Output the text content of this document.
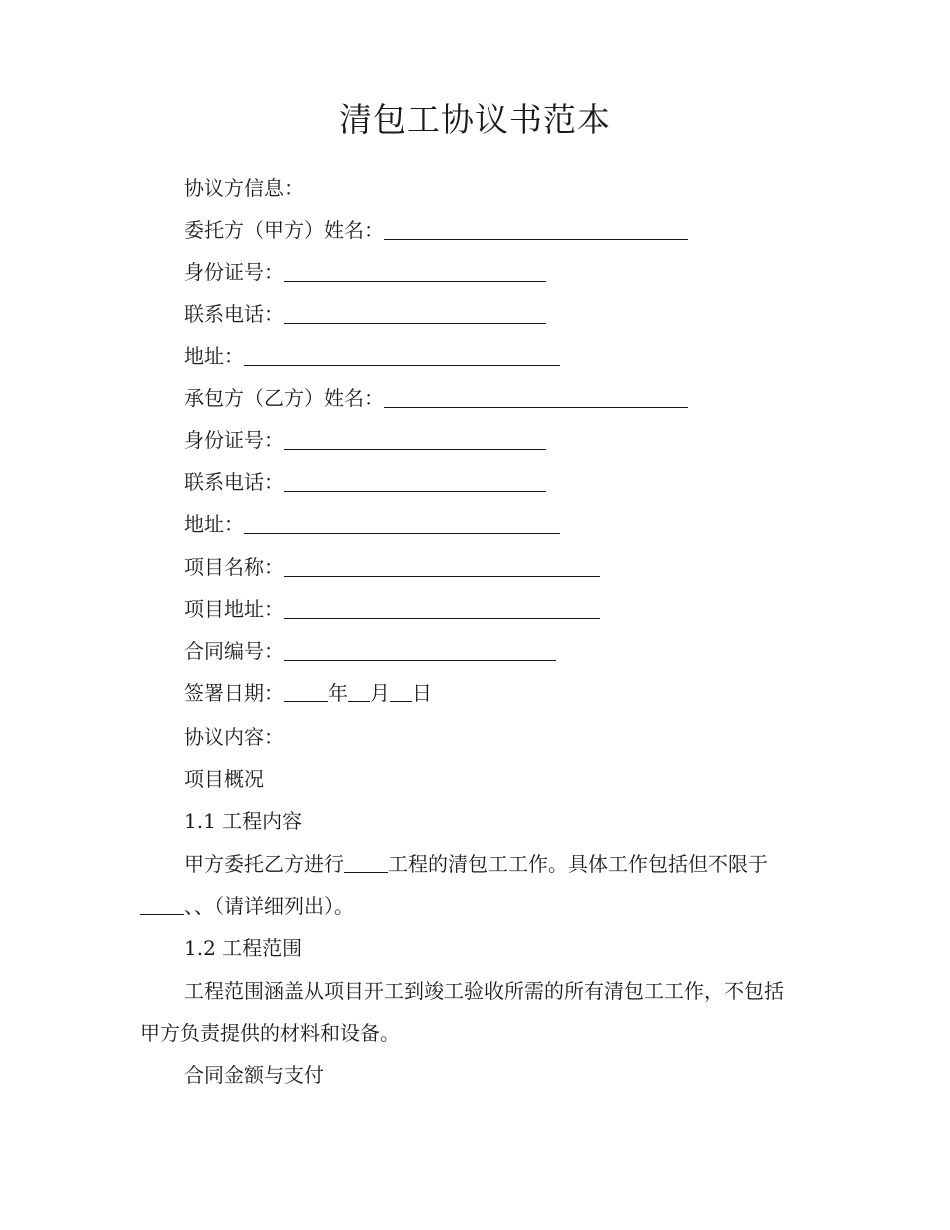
清包工协议书范本
协议方信息：
委托方（甲方）姓名：
身份证号：
联系电话：
地址：
承包方（乙方）姓名：
身份证号：
联系电话：
地址：
项目名称：
项目地址：
合同编号：
签署日期： 年 月 日
协议内容：
项目概况
1.1 工程内容
甲方委托乙方进行 工程的清包工工作。具体工作包括但不限于、、（请详细列出）。
1.2 工程范围
工程范围涵盖从项目开工到竣工验收所需的所有清包工工作，不包括甲方负责提供的材料和设备。
合同金额与支付
